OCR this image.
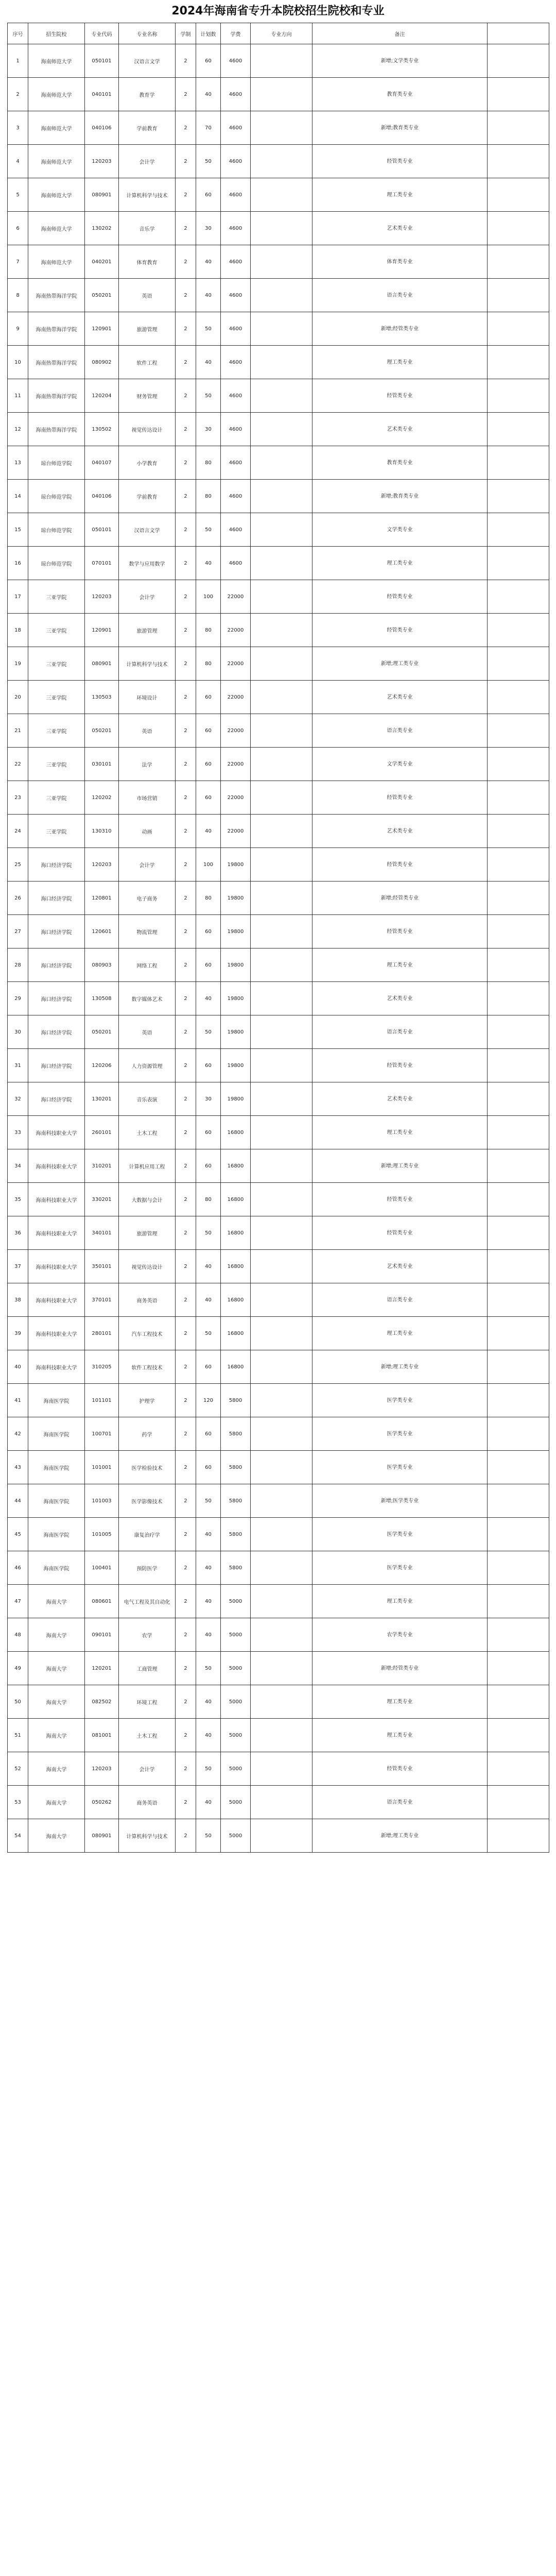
2024年海南省专升本院校招生院校和专业
序号	招生院校	专业代码	专业名称	学制	计划数	学费	专业方向	备注	
1	海南师范大学	050101	汉语言文学	2	60	4600		新增;文学类专业	
2	海南师范大学	040101	教育学	2	40	4600		教育类专业	
3	海南师范大学	040106	学前教育	2	70	4600		新增;教育类专业	
4	海南师范大学	120203	会计学	2	50	4600		经管类专业	
5	海南师范大学	080901	计算机科学与技术	2	60	4600		理工类专业	
6	海南师范大学	130202	音乐学	2	30	4600		艺术类专业	
7	海南师范大学	040201	体育教育	2	40	4600		体育类专业	
8	海南热带海洋学院	050201	英语	2	40	4600		语言类专业	
9	海南热带海洋学院	120901	旅游管理	2	50	4600		新增;经管类专业	
10	海南热带海洋学院	080902	软件工程	2	40	4600		理工类专业	
11	海南热带海洋学院	120204	财务管理	2	50	4600		经管类专业	
12	海南热带海洋学院	130502	视觉传达设计	2	30	4600		艺术类专业	
13	琼台师范学院	040107	小学教育	2	80	4600		教育类专业	
14	琼台师范学院	040106	学前教育	2	80	4600		新增;教育类专业	
15	琼台师范学院	050101	汉语言文学	2	50	4600		文学类专业	
16	琼台师范学院	070101	数学与应用数学	2	40	4600		理工类专业	
17	三亚学院	120203	会计学	2	100	22000		经管类专业	
18	三亚学院	120901	旅游管理	2	80	22000		经管类专业	
19	三亚学院	080901	计算机科学与技术	2	80	22000		新增;理工类专业	
20	三亚学院	130503	环境设计	2	60	22000		艺术类专业	
21	三亚学院	050201	英语	2	60	22000		语言类专业	
22	三亚学院	030101	法学	2	60	22000		文学类专业	
23	三亚学院	120202	市场营销	2	60	22000		经管类专业	
24	三亚学院	130310	动画	2	40	22000		艺术类专业	
25	海口经济学院	120203	会计学	2	100	19800		经管类专业	
26	海口经济学院	120801	电子商务	2	80	19800		新增;经管类专业	
27	海口经济学院	120601	物流管理	2	60	19800		经管类专业	
28	海口经济学院	080903	网络工程	2	60	19800		理工类专业	
29	海口经济学院	130508	数字媒体艺术	2	40	19800		艺术类专业	
30	海口经济学院	050201	英语	2	50	19800		语言类专业	
31	海口经济学院	120206	人力资源管理	2	60	19800		经管类专业	
32	海口经济学院	130201	音乐表演	2	30	19800		艺术类专业	
33	海南科技职业大学	260101	土木工程	2	60	16800		理工类专业	
34	海南科技职业大学	310201	计算机应用工程	2	60	16800		新增;理工类专业	
35	海南科技职业大学	330201	大数据与会计	2	80	16800		经管类专业	
36	海南科技职业大学	340101	旅游管理	2	50	16800		经管类专业	
37	海南科技职业大学	350101	视觉传达设计	2	40	16800		艺术类专业	
38	海南科技职业大学	370101	商务英语	2	40	16800		语言类专业	
39	海南科技职业大学	280101	汽车工程技术	2	50	16800		理工类专业	
40	海南科技职业大学	310205	软件工程技术	2	60	16800		新增;理工类专业	
41	海南医学院	101101	护理学	2	120	5800		医学类专业	
42	海南医学院	100701	药学	2	60	5800		医学类专业	
43	海南医学院	101001	医学检验技术	2	60	5800		医学类专业	
44	海南医学院	101003	医学影像技术	2	50	5800		新增;医学类专业	
45	海南医学院	101005	康复治疗学	2	40	5800		医学类专业	
46	海南医学院	100401	预防医学	2	40	5800		医学类专业	
47	海南大学	080601	电气工程及其自动化	2	40	5000		理工类专业	
48	海南大学	090101	农学	2	40	5000		农学类专业	
49	海南大学	120201	工商管理	2	50	5000		新增;经管类专业	
50	海南大学	082502	环境工程	2	40	5000		理工类专业	
51	海南大学	081001	土木工程	2	40	5000		理工类专业	
52	海南大学	120203	会计学	2	50	5000		经管类专业	
53	海南大学	050262	商务英语	2	40	5000		语言类专业	
54	海南大学	080901	计算机科学与技术	2	50	5000		新增;理工类专业	
